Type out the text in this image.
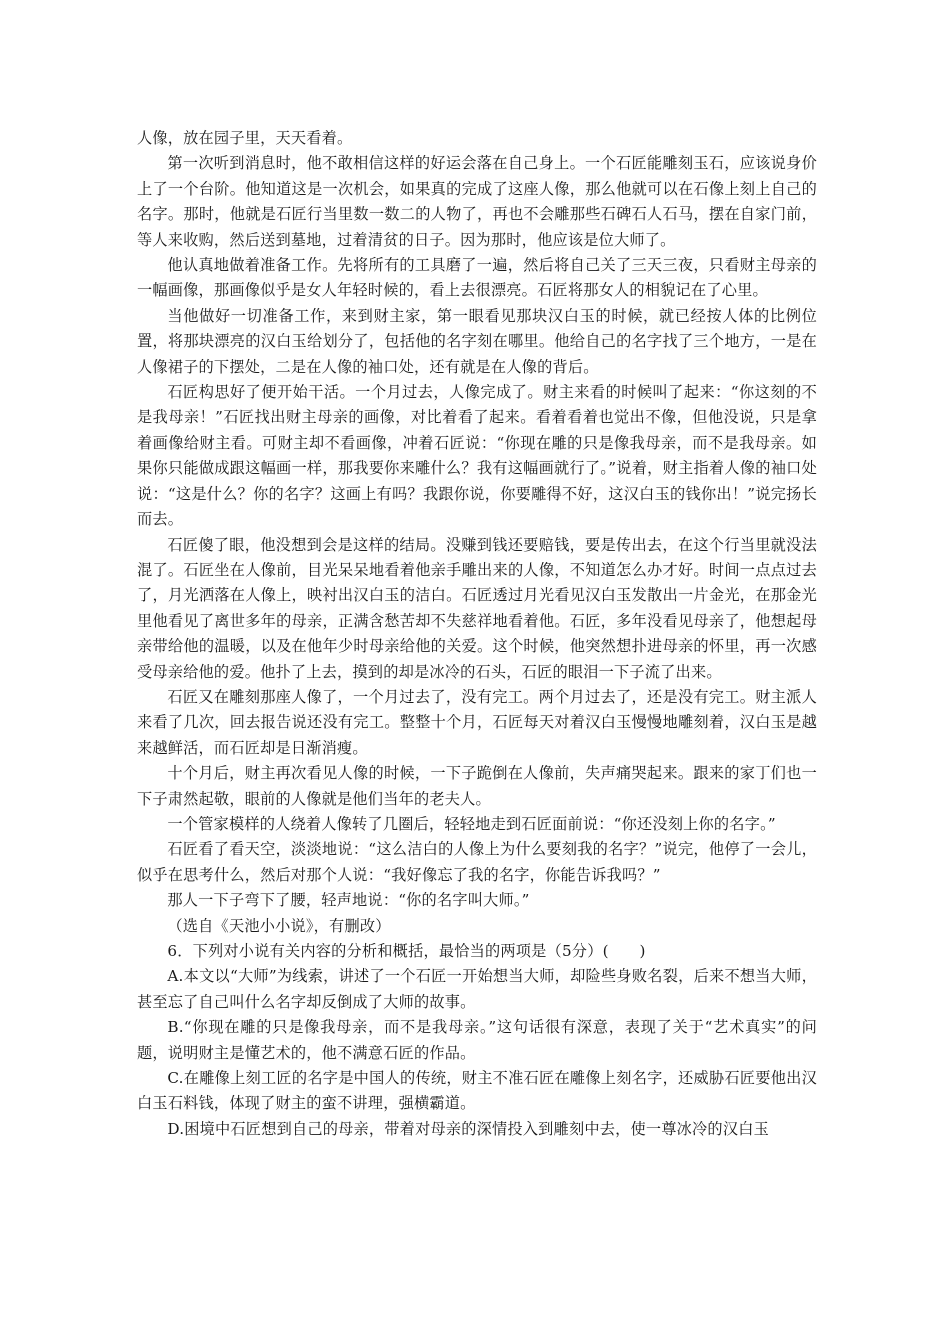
人像，放在园子里，天天看着。

第一次听到消息时，他不敢相信这样的好运会落在自己身上。一个石匠能雕刻玉石，应该说身价上了一个台阶。他知道这是一次机会，如果真的完成了这座人像，那么他就可以在石像上刻上自己的名字。那时，他就是石匠行当里数一数二的人物了，再也不会雕那些石碑石人石马，摆在自家门前，等人来收购，然后送到墓地，过着清贫的日子。因为那时，他应该是位大师了。

他认真地做着准备工作。先将所有的工具磨了一遍，然后将自己关了三天三夜，只看财主母亲的一幅画像，那画像似乎是女人年轻时候的，看上去很漂亮。石匠将那女人的相貌记在了心里。

当他做好一切准备工作，来到财主家，第一眼看见那块汉白玉的时候，就已经按人体的比例位置，将那块漂亮的汉白玉给划分了，包括他的名字刻在哪里。他给自己的名字找了三个地方，一是在人像裙子的下摆处，二是在人像的袖口处，还有就是在人像的背后。

石匠构思好了便开始干活。一个月过去，人像完成了。财主来看的时候叫了起来：“你这刻的不是我母亲！”石匠找出财主母亲的画像，对比着看了起来。看着看着也觉出不像，但他没说，只是拿着画像给财主看。可财主却不看画像，冲着石匠说：“你现在雕的只是像我母亲，而不是我母亲。如果你只能做成跟这幅画一样，那我要你来雕什么？我有这幅画就行了。”说着，财主指着人像的袖口处说：“这是什么？你的名字？这画上有吗？我跟你说，你要雕得不好，这汉白玉的钱你出！”说完扬长而去。

石匠傻了眼，他没想到会是这样的结局。没赚到钱还要赔钱，要是传出去，在这个行当里就没法混了。石匠坐在人像前，目光呆呆地看着他亲手雕出来的人像，不知道怎么办才好。时间一点点过去了，月光洒落在人像上，映衬出汉白玉的洁白。石匠透过月光看见汉白玉发散出一片金光，在那金光里他看见了离世多年的母亲，正满含愁苦却不失慈祥地看着他。石匠，多年没看见母亲了，他想起母亲带给他的温暖，以及在他年少时母亲给他的关爱。这个时候，他突然想扑进母亲的怀里，再一次感受母亲给他的爱。他扑了上去，摸到的却是冰冷的石头，石匠的眼泪一下子流了出来。

石匠又在雕刻那座人像了，一个月过去了，没有完工。两个月过去了，还是没有完工。财主派人来看了几次，回去报告说还没有完工。整整十个月，石匠每天对着汉白玉慢慢地雕刻着，汉白玉是越来越鲜活，而石匠却是日渐消瘦。

十个月后，财主再次看见人像的时候，一下子跪倒在人像前，失声痛哭起来。跟来的家丁们也一下子肃然起敬，眼前的人像就是他们当年的老夫人。

一个管家模样的人绕着人像转了几圈后，轻轻地走到石匠面前说：“你还没刻上你的名字。”

石匠看了看天空，淡淡地说：“这么洁白的人像上为什么要刻我的名字？”说完，他停了一会儿，似乎在思考什么，然后对那个人说：“我好像忘了我的名字，你能告诉我吗？”

那人一下子弯下了腰，轻声地说：“你的名字叫大师。”

（选自《天池小小说》，有删改）

6．下列对小说有关内容的分析和概括，最恰当的两项是（5分）(　　)

A.本文以“大师”为线索，讲述了一个石匠一开始想当大师，却险些身败名裂，后来不想当大师，甚至忘了自己叫什么名字却反倒成了大师的故事。

B.“你现在雕的只是像我母亲，而不是我母亲。”这句话很有深意，表现了关于“艺术真实”的问题，说明财主是懂艺术的，他不满意石匠的作品。

C.在雕像上刻工匠的名字是中国人的传统，财主不准石匠在雕像上刻名字，还威胁石匠要他出汉白玉石料钱，体现了财主的蛮不讲理，强横霸道。

D.困境中石匠想到自己的母亲，带着对母亲的深情投入到雕刻中去，使一尊冰冷的汉白玉
